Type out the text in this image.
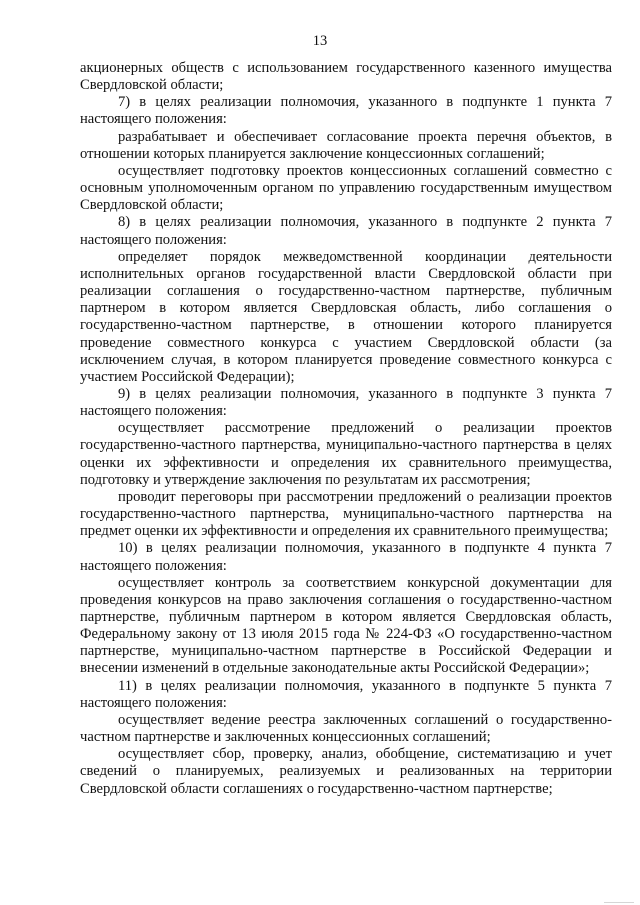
13

акционерных обществ с использованием государственного казенного имущества Свердловской области;

7) в целях реализации полномочия, указанного в подпункте 1 пункта 7 настоящего положения:

разрабатывает и обеспечивает согласование проекта перечня объектов, в отношении которых планируется заключение концессионных соглашений;

осуществляет подготовку проектов концессионных соглашений совместно с основным уполномоченным органом по управлению государственным имуществом Свердловской области;

8) в целях реализации полномочия, указанного в подпункте 2 пункта 7 настоящего положения:

определяет порядок межведомственной координации деятельности исполнительных органов государственной власти Свердловской области при реализации соглашения о государственно-частном партнерстве, публичным партнером в котором является Свердловская область, либо соглашения о государственно-частном партнерстве, в отношении которого планируется проведение совместного конкурса с участием Свердловской области (за исключением случая, в котором планируется проведение совместного конкурса с участием Российской Федерации);

9) в целях реализации полномочия, указанного в подпункте 3 пункта 7 настоящего положения:

осуществляет рассмотрение предложений о реализации проектов государственно-частного партнерства, муниципально-частного партнерства в целях оценки их эффективности и определения их сравнительного преимущества, подготовку и утверждение заключения по результатам их рассмотрения;

проводит переговоры при рассмотрении предложений о реализации проектов государственно-частного партнерства, муниципально-частного партнерства на предмет оценки их эффективности и определения их сравнительного преимущества;

10) в целях реализации полномочия, указанного в подпункте 4 пункта 7 настоящего положения:

осуществляет контроль за соответствием конкурсной документации для проведения конкурсов на право заключения соглашения о государственно-частном партнерстве, публичным партнером в котором является Свердловская область, Федеральному закону от 13 июля 2015 года № 224-ФЗ «О государственно-частном партнерстве, муниципально-частном партнерстве в Российской Федерации и внесении изменений в отдельные законодательные акты Российской Федерации»;

11) в целях реализации полномочия, указанного в подпункте 5 пункта 7 настоящего положения:

осуществляет ведение реестра заключенных соглашений о государственно-частном партнерстве и заключенных концессионных соглашений;

осуществляет сбор, проверку, анализ, обобщение, систематизацию и учет сведений о планируемых, реализуемых и реализованных на территории Свердловской области соглашениях о государственно-частном партнерстве;
